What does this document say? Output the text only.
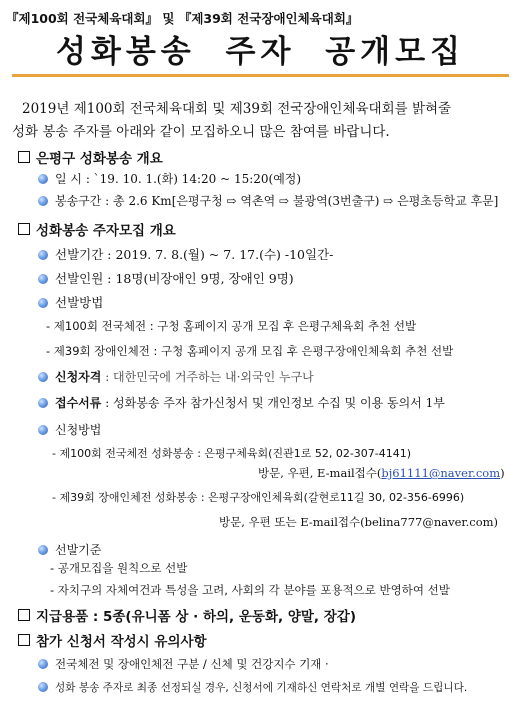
『제100회 전국체육대회』 및 『제39회 전국장애인체육대회』
성화봉송 주자 공개모집
2019년 제100회 전국체육대회 및 제39회 전국장애인체육대회를 밝혀줄
성화 봉송 주자를 아래와 같이 모집하오니 많은 참여를 바랍니다.
은평구 성화봉송 개요
일 시 : `19. 10. 1.(화) 14:20 ~ 15:20(예정)
봉송구간 : 총 2.6 Km[은평구청 ⇨ 역촌역 ⇨ 불광역(3번출구) ⇨ 은평초등학교 후문]
성화봉송 주자모집 개요
선발기간 : 2019. 7. 8.(월) ~ 7. 17.(수) -10일간-
선발인원 : 18명(비장애인 9명, 장애인 9명)
선발방법
- 제100회 전국체전 : 구청 홈페이지 공개 모집 후 은평구체육회 추천 선발
- 제39회 장애인체전 : 구청 홈페이지 공개 모집 후 은평구장애인체육회 추천 선발
신청자격 : 대한민국에 거주하는 내·외국인 누구나
접수서류 : 성화봉송 주자 참가신청서 및 개인정보 수집 및 이용 동의서 1부
신청방법
- 제100회 전국체전 성화봉송 : 은평구체육회(진관1로 52, 02-307-4141)
방문, 우편, E-mail접수(bj61111@naver.com)
- 제39회 장애인체전 성화봉송 : 은평구장애인체육회(갈현로11길 30, 02-356-6996)
방문, 우편 또는 E-mail접수(belina777@naver.com)
선발기준
- 공개모집을 원칙으로 선발
- 자치구의 자체여건과 특성을 고려, 사회의 각 분야를 포용적으로 반영하여 선발
지급용품 : 5종(유니폼 상 · 하의, 운동화, 양말, 장갑)
참가 신청서 작성시 유의사항
전국체전 및 장애인체전 구분 / 신체 및 건강지수 기재 ·
성화 봉송 주자로 최종 선정되실 경우, 신청서에 기재하신 연락처로 개별 연락을 드립니다.
